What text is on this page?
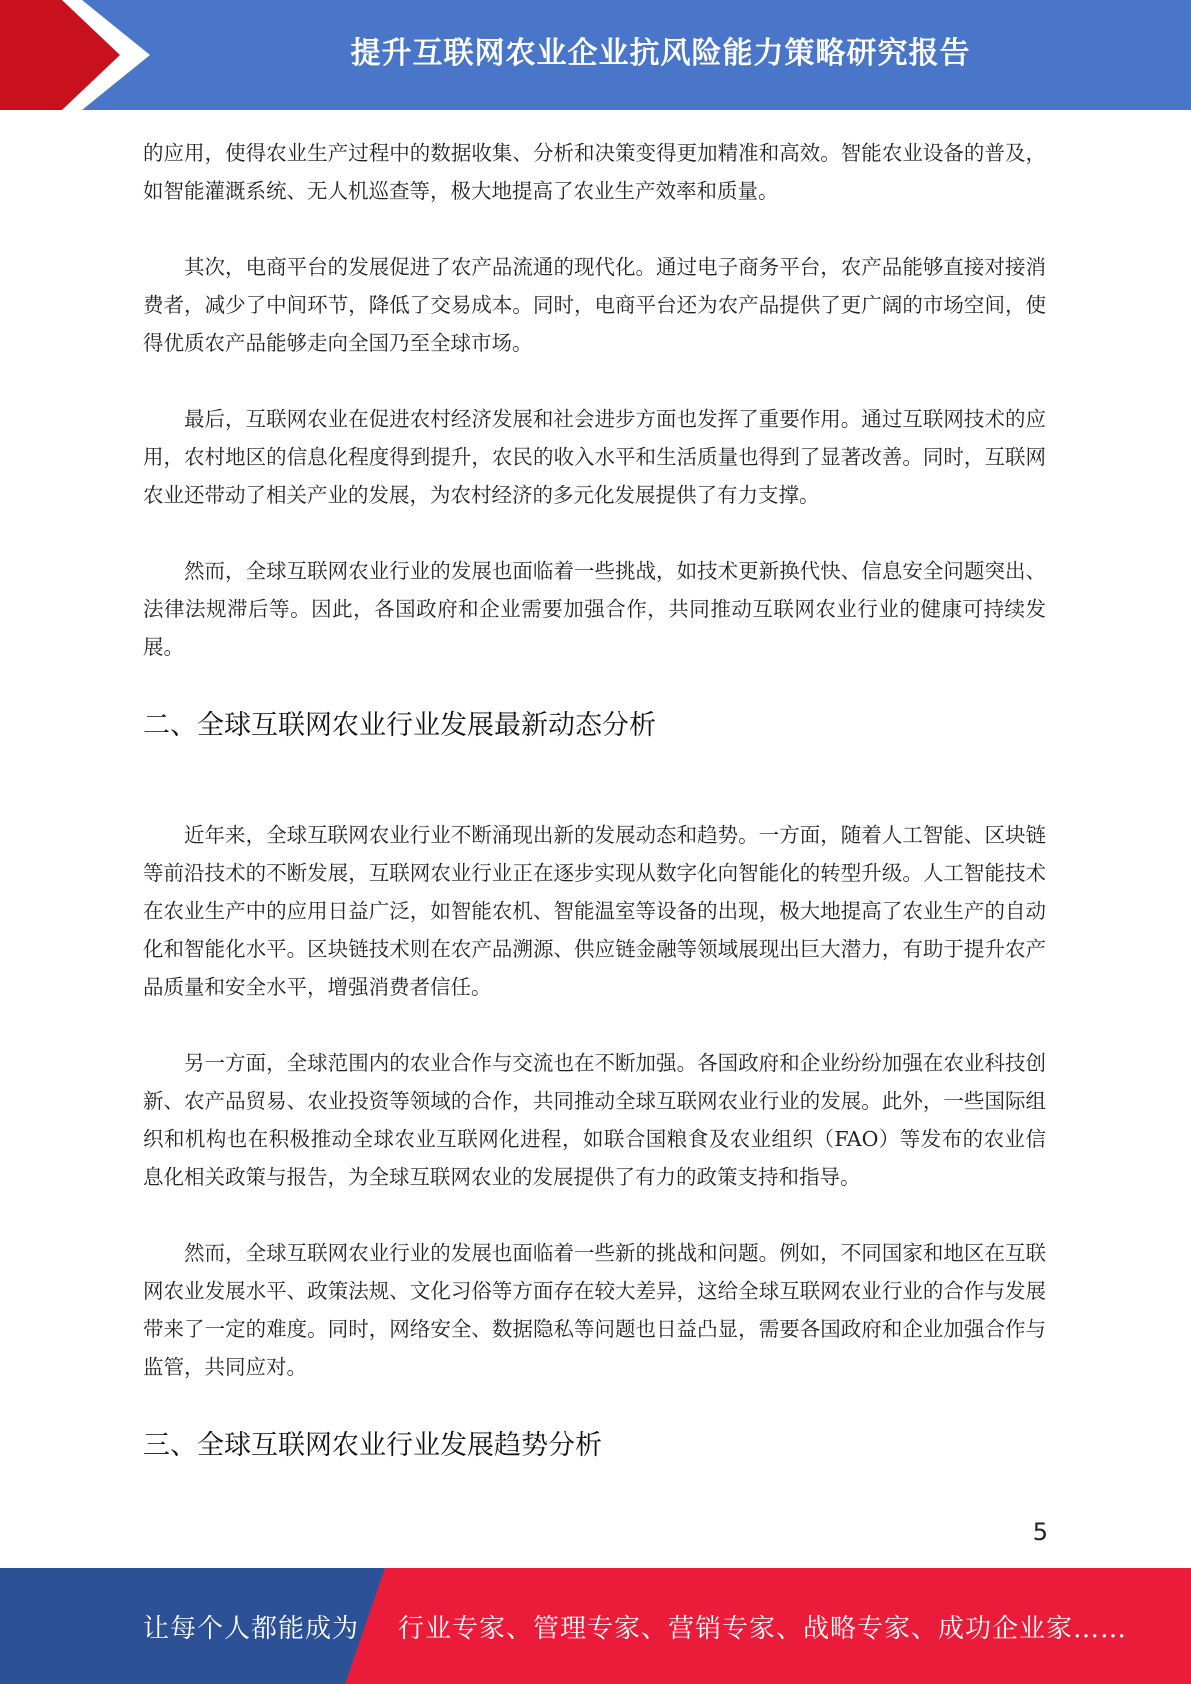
提升互联网农业企业抗风险能力策略研究报告

的应用，使得农业生产过程中的数据收集、分析和决策变得更加精准和高效。智能农业设备的普及，如智能灌溉系统、无人机巡查等，极大地提高了农业生产效率和质量。

其次，电商平台的发展促进了农产品流通的现代化。通过电子商务平台，农产品能够直接对接消费者，减少了中间环节，降低了交易成本。同时，电商平台还为农产品提供了更广阔的市场空间，使得优质农产品能够走向全国乃至全球市场。

最后，互联网农业在促进农村经济发展和社会进步方面也发挥了重要作用。通过互联网技术的应用，农村地区的信息化程度得到提升，农民的收入水平和生活质量也得到了显著改善。同时，互联网农业还带动了相关产业的发展，为农村经济的多元化发展提供了有力支撑。

然而，全球互联网农业行业的发展也面临着一些挑战，如技术更新换代快、信息安全问题突出、法律法规滞后等。因此，各国政府和企业需要加强合作，共同推动互联网农业行业的健康可持续发展。

二、全球互联网农业行业发展最新动态分析

近年来，全球互联网农业行业不断涌现出新的发展动态和趋势。一方面，随着人工智能、区块链等前沿技术的不断发展，互联网农业行业正在逐步实现从数字化向智能化的转型升级。人工智能技术在农业生产中的应用日益广泛，如智能农机、智能温室等设备的出现，极大地提高了农业生产的自动化和智能化水平。区块链技术则在农产品溯源、供应链金融等领域展现出巨大潜力，有助于提升农产品质量和安全水平，增强消费者信任。

另一方面，全球范围内的农业合作与交流也在不断加强。各国政府和企业纷纷加强在农业科技创新、农产品贸易、农业投资等领域的合作，共同推动全球互联网农业行业的发展。此外，一些国际组织和机构也在积极推动全球农业互联网化进程，如联合国粮食及农业组织（FAO）等发布的农业信息化相关政策与报告，为全球互联网农业的发展提供了有力的政策支持和指导。

然而，全球互联网农业行业的发展也面临着一些新的挑战和问题。例如，不同国家和地区在互联网农业发展水平、政策法规、文化习俗等方面存在较大差异，这给全球互联网农业行业的合作与发展带来了一定的难度。同时，网络安全、数据隐私等问题也日益凸显，需要各国政府和企业加强合作与监管，共同应对。

三、全球互联网农业行业发展趋势分析
5
让每个人都能成为 行业专家、管理专家、营销专家、战略专家、成功企业家……
